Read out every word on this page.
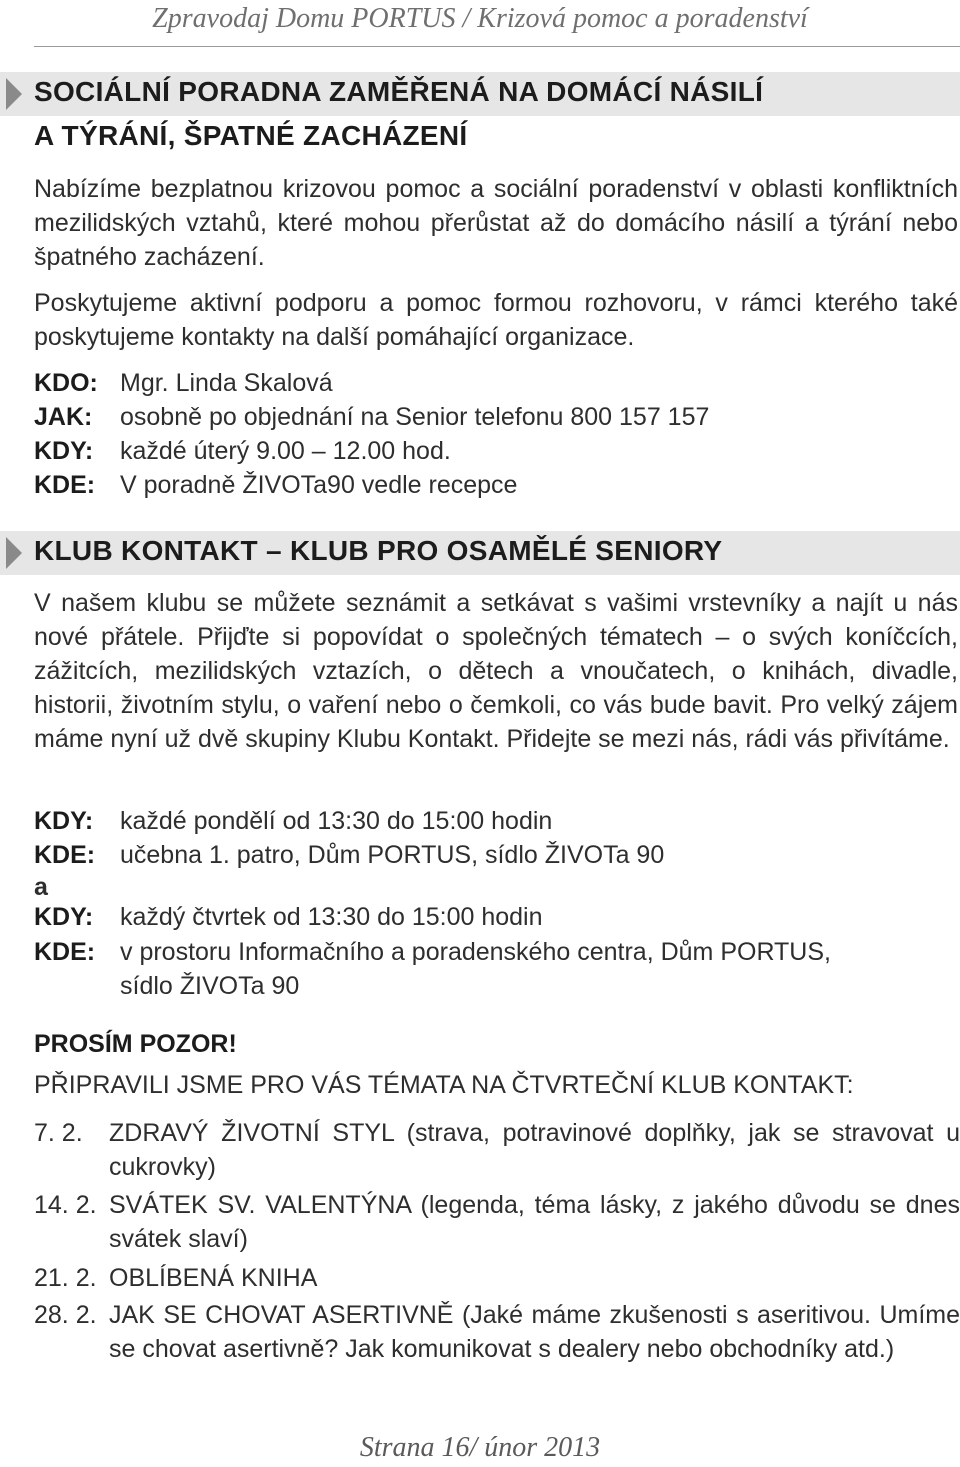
Zpravodaj Domu PORTUS / Krizová pomoc a poradenství
SOCIÁLNÍ PORADNA ZAMĚŘENÁ NA DOMÁCÍ NÁSILÍ
A TÝRÁNÍ, ŠPATNÉ ZACHÁZENÍ

Nabízíme bezplatnou krizovou pomoc a sociální poradenství v oblasti konfliktních mezilidských vztahů, které mohou přerůstat až do domácího násilí a týrání nebo špatného zacházení.

Poskytujeme aktivní podporu a pomoc formou rozhovoru, v rámci kterého také poskytujeme kontakty na další pomáhající organizace.

KDO: Mgr. Linda Skalová
JAK: osobně po objednání na Senior telefonu 800 157 157
KDY: každé úterý 9.00 – 12.00 hod.
KDE: V poradně ŽIVOTa90 vedle recepce
KLUB KONTAKT – KLUB PRO OSAMĚLÉ SENIORY

V našem klubu se můžete seznámit a setkávat s vašimi vrstevníky a najít u nás nové přátele. Přijďte si popovídat o společných tématech – o svých koníčcích, zážitcích, mezilidských vztazích, o dětech a vnoučatech, o knihách, divadle, historii, životním stylu, o vaření nebo o čemkoli, co vás bude bavit. Pro velký zájem máme nyní už dvě skupiny Klubu Kontakt. Přidejte se mezi nás, rádi vás přivítáme.

KDY: každé pondělí od 13:30 do 15:00 hodin
KDE: učebna 1. patro, Dům PORTUS, sídlo ŽIVOTa 90
a
KDY: každý čtvrtek od 13:30 do 15:00 hodin
KDE: v prostoru Informačního a poradenského centra, Dům PORTUS,
sídlo ŽIVOTa 90
PROSÍM POZOR!
PŘIPRAVILI JSME PRO VÁS TÉMATA NA ČTVRTEČNÍ KLUB KONTAKT:
7. 2. ZDRAVÝ ŽIVOTNÍ STYL (strava, potravinové doplňky, jak se stravovat u cukrovky)
14. 2. SVÁTEK SV. VALENTÝNA (legenda, téma lásky, z jakého důvodu se dnes svátek slaví)
21. 2. OBLÍBENÁ KNIHA
28. 2. JAK SE CHOVAT ASERTIVNĚ (Jaké máme zkušenosti s aseritivou. Umíme se chovat asertivně? Jak komunikovat s dealery nebo obchodníky atd.)
Strana 16/ únor 2013
